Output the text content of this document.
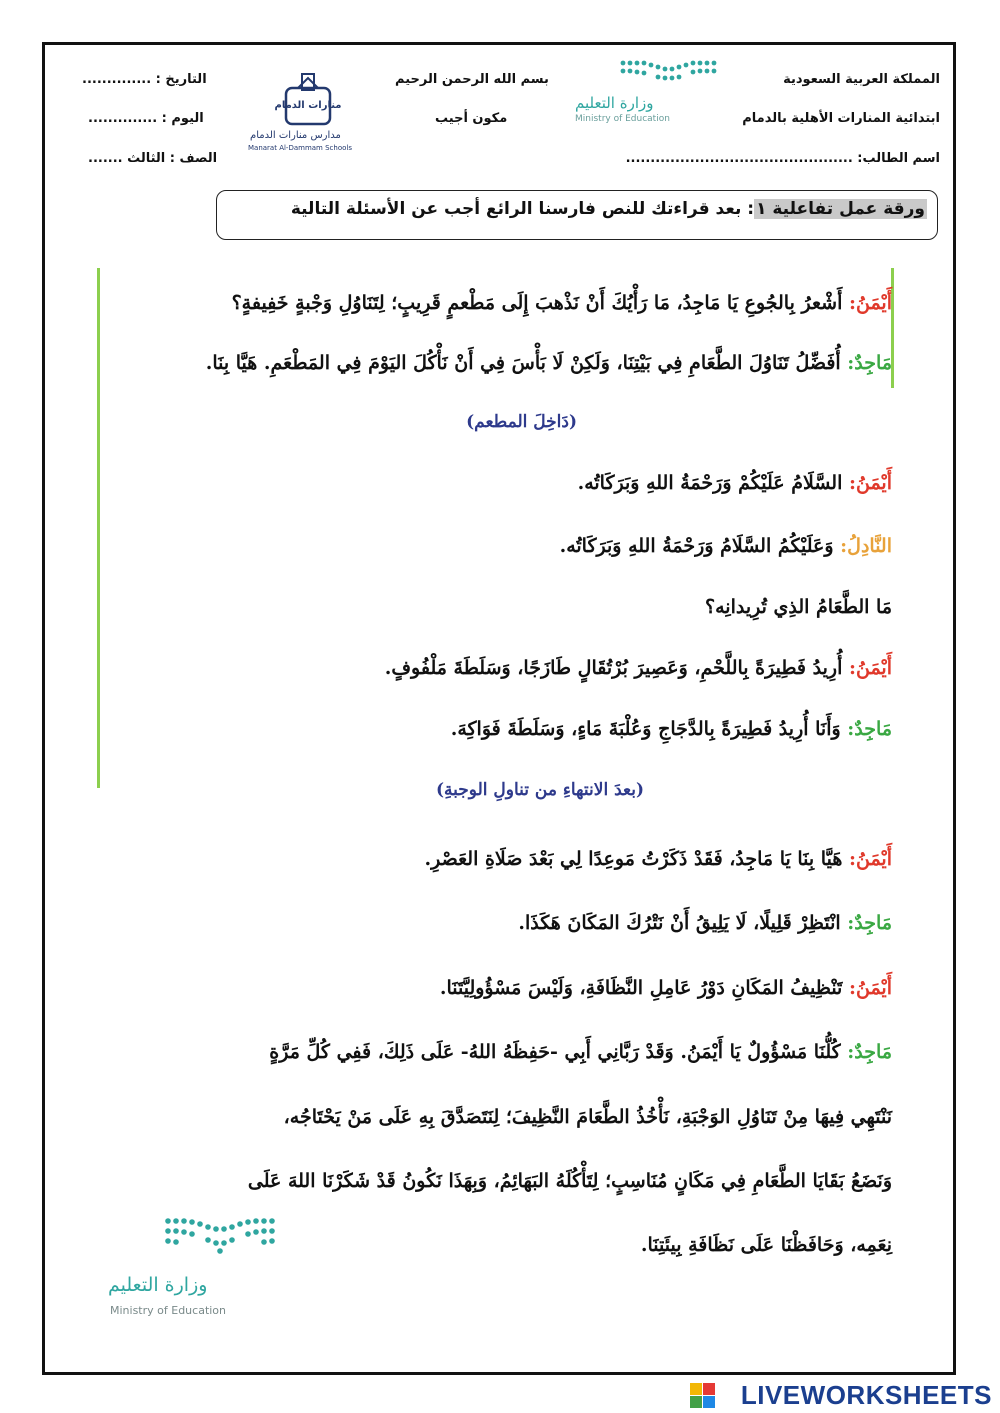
المملكة العربية السعودية
ابتدائية المنارات الأهلية بالدمام
اسم الطالب: ..............................................
وزارة التعليم
Ministry of Education
بسم الله الرحمن الرحيم
مكون أجيب
منارات الدمام
مدارس منارات الدمام
Manarat Al-Dammam Schools
التاريخ : ..............
اليوم : ..............
الصف : الثالث .......
ورقة عمل تفاعلية ١: بعد قراءتك للنص فارسنا الرائع أجب عن الأسئلة التالية
أَيْمَنُ: أَشْعرُ بِالجُوعِ يَا مَاجِدُ، مَا رَأْيُكَ أَنْ نَذْهبَ إِلَى مَطْعمٍ قَرِيبٍ؛ لِتَنَاوُلِ وَجْبةٍ خَفِيفةٍ؟
مَاجِدٌ: أُفَضِّلُ تَنَاوُلَ الطَّعَامِ فِي بَيْتِنَا، وَلَكِنْ لَا بَأْسَ فِي أَنْ نَأْكُلَ اليَوْمَ فِي المَطْعَمِ. هَيَّا بِنَا.
(دَاخِلَ المطعم)
أَيْمَنُ: السَّلَامُ عَلَيْكُمْ وَرَحْمَةُ اللهِ وَبَرَكَاتُه.
النَّادِلُ: وَعَلَيْكُمُ السَّلَامُ وَرَحْمَةُ اللهِ وَبَرَكَاتُه.
مَا الطَّعَامُ الذِي تُرِيدانِه؟
أَيْمَنُ: أُرِيدُ فَطِيرَةً بِاللَّحْمِ، وَعَصِيرَ بُرْتُقَالٍ طَازَجًا، وَسَلَطَةَ مَلْفُوفٍ.
مَاجِدٌ: وَأَنَا أُرِيدُ فَطِيرَةً بِالدَّجَاجِ وَعُلْبَةَ مَاءٍ، وَسَلَطَةَ فَوَاكِهَ.
(بعدَ الانتهاءِ من تناولِ الوجبةِ)
أَيْمَنُ: هَيَّا بِنَا يَا مَاجِدُ، فَقَدْ ذَكَرْتُ مَوعِدًا لِي بَعْدَ صَلَاةِ العَصْرِ.
مَاجِدٌ: انْتَظِرْ قَلِيلًا، لَا يَلِيقُ أَنْ نَتْرُكَ المَكَانَ هَكَذَا.
أَيْمَنُ: تَنْظِيفُ المَكَانِ دَوْرُ عَامِلِ النَّظَافَةِ، وَلَيْسَ مَسْؤُولِيَّتَنَا.
مَاجِدٌ: كُلُّنَا مَسْؤُولٌ يَا أَيْمَنُ. وَقَدْ رَبَّانِي أَبِي -حَفِظَهُ اللهُ- عَلَى ذَلِكَ، فَفِي كُلِّ مَرَّةٍ
نَنْتَهِي فِيهَا مِنْ تَنَاوُلِ الوَجْبَةِ، نَأْخُذُ الطَّعَامَ النَّظِيفَ؛ لِنَتَصَدَّقَ بِهِ عَلَى مَنْ يَحْتَاجُه،
وَنَضَعُ بَقَايَا الطَّعَامِ فِي مَكَانٍ مُنَاسِبٍ؛ لِتَأْكُلَهُ البَهَائِمُ، وَبِهَذَا نَكُونُ قَدْ شَكَرْنَا اللهَ عَلَى
نِعَمِه، وَحَافَظْنَا عَلَى نَظَافَةِ بِيئَتِنَا.
وزارة التعليم
Ministry of Education
LIVEWORKSHEETS
